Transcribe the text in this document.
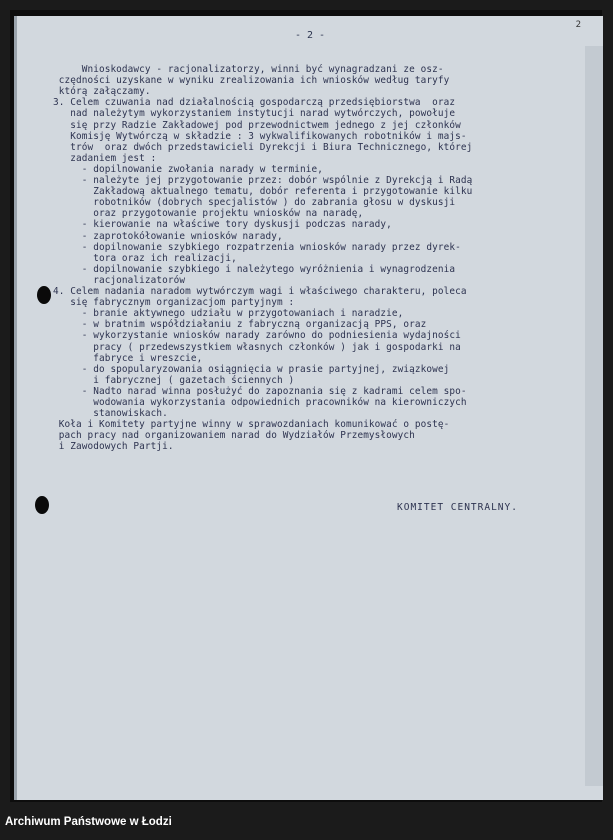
2
- 2 -
Wnioskodawcy - racjonalizatorzy, winni być wynagradzani ze osz-
czędności uzyskane w wyniku zrealizowania ich wniosków według taryfy
którą załączamy.
3. Celem czuwania nad działalnością gospodarczą przedsiębiorstwa  oraz
nad należytym wykorzystaniem instytucji narad wytwórczych, powołuje
się przy Radzie Zakładowej pod przewodnictwem jednego z jej członków
Komisję Wytwórczą w składzie : 3 wykwalifikowanych robotników i majs-
trów  oraz dwóch przedstawicieli Dyrekcji i Biura Technicznego, której
zadaniem jest :
- dopilnowanie zwołania narady w terminie,
- należyte jej przygotowanie przez: dobór wspólnie z Dyrekcją i Radą
Zakładową aktualnego tematu, dobór referenta i przygotowanie kilku
robotników (dobrych specjalistów ) do zabrania głosu w dyskusji
oraz przygotowanie projektu wniosków na naradę,
- kierowanie na właściwe tory dyskusji podczas narady,
- zaprotokółowanie wniosków narady,
- dopilnowanie szybkiego rozpatrzenia wniosków narady przez dyrek-
tora oraz ich realizacji,
- dopilnowanie szybkiego i należytego wyróżnienia i wynagrodzenia
racjonalizatorów
4. Celem nadania naradom wytwórczym wagi i właściwego charakteru, poleca
się fabrycznym organizacjom partyjnym :
- branie aktywnego udziału w przygotowaniach i naradzie,
- w bratnim współdziałaniu z fabryczną organizacją PPS, oraz
- wykorzystanie wniosków narady zarówno do podniesienia wydajności
pracy ( przedewszystkiem własnych członków ) jak i gospodarki na
fabryce i wreszcie,
- do spopularyzowania osiągnięcia w prasie partyjnej, związkowej
i fabrycznej ( gazetach ściennych )
- Nadto narad winna posłużyć do zapoznania się z kadrami celem spo-
wodowania wykorzystania odpowiednich pracowników na kierowniczych
stanowiskach.
Koła i Komitety partyjne winny w sprawozdaniach komunikować o postę-
pach pracy nad organizowaniem narad do Wydziałów Przemysłowych
i Zawodowych Partji.
KOMITET CENTRALNY.
Archiwum Państwowe w Łodzi
